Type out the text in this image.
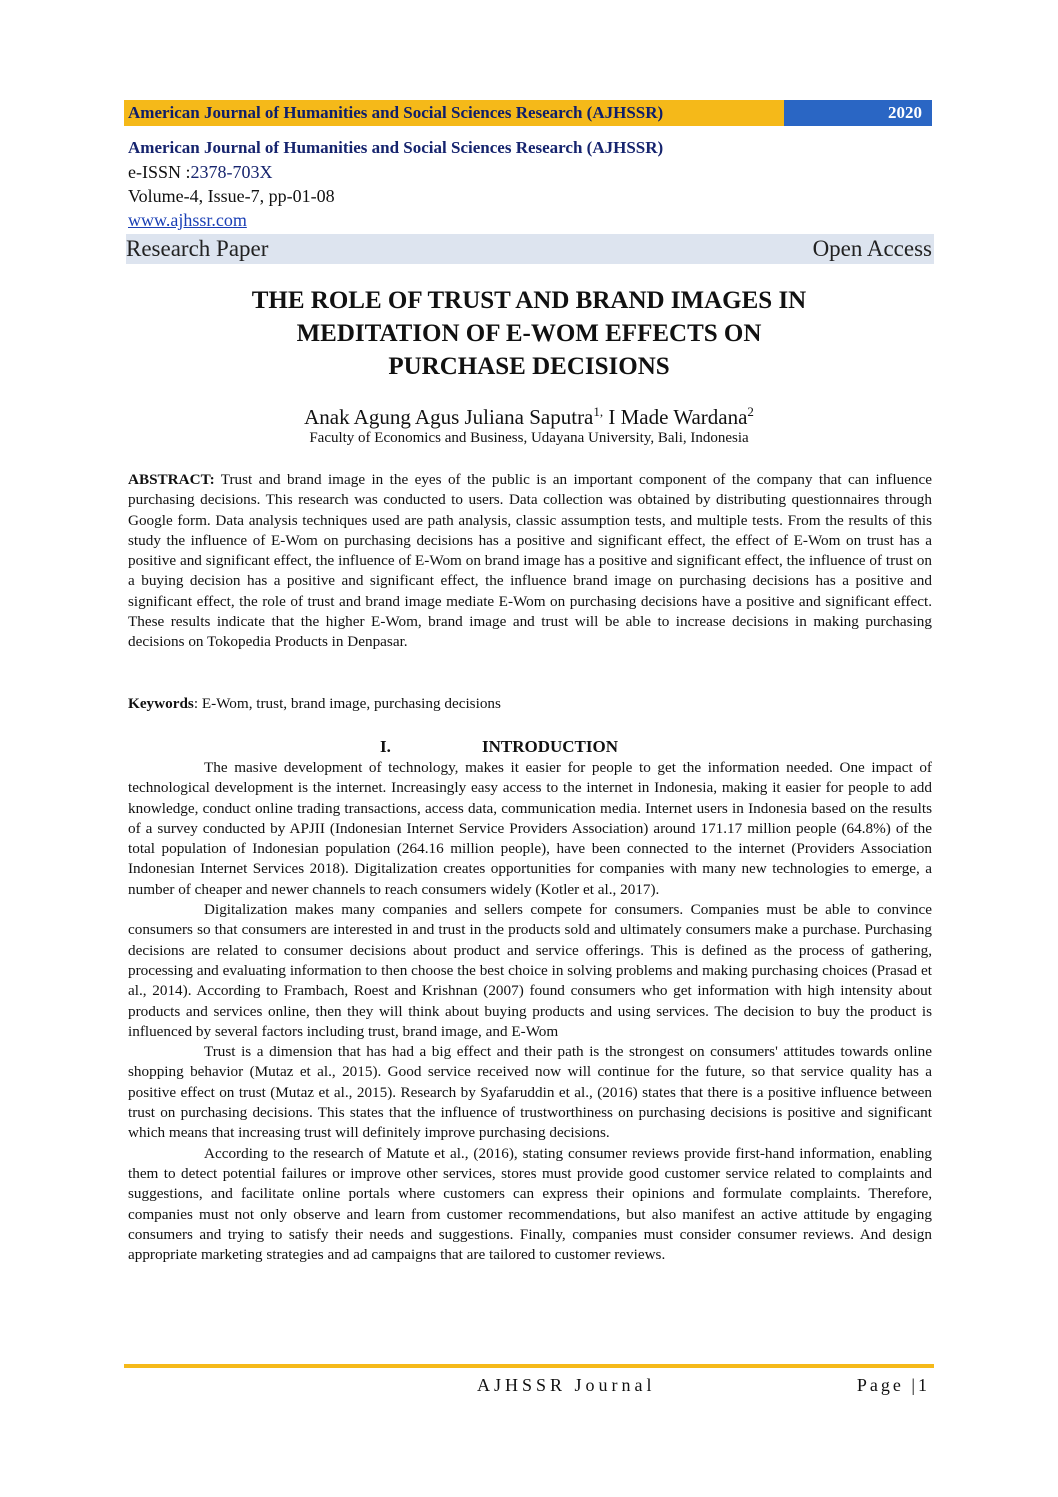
American Journal of Humanities and Social Sciences Research (AJHSSR)	2020
American Journal of Humanities and Social Sciences Research (AJHSSR)
e-ISSN :2378-703X
Volume-4, Issue-7, pp-01-08
www.ajhssr.com
Research Paper	Open Access
THE ROLE OF TRUST AND BRAND IMAGES IN
MEDITATION OF E-WOM EFFECTS ON
PURCHASE DECISIONS
Anak Agung Agus Juliana Saputra$^{1,}$ I Made Wardana$^2$
Faculty of Economics and Business, Udayana University, Bali, Indonesia
ABSTRACT: Trust and brand image in the eyes of the public is an important component of the company that can influence purchasing decisions. This research was conducted to users. Data collection was obtained by distributing questionnaires through Google form. Data analysis techniques used are path analysis, classic assumption tests, and multiple tests. From the results of this study the influence of E-Wom on purchasing decisions has a positive and significant effect, the effect of E-Wom on trust has a positive and significant effect, the influence of E-Wom on brand image has a positive and significant effect, the influence of trust on a buying decision has a positive and significant effect, the influence brand image on purchasing decisions has a positive and significant effect, the role of trust and brand image mediate E-Wom on purchasing decisions have a positive and significant effect. These results indicate that the higher E-Wom, brand image and trust will be able to increase decisions in making purchasing decisions on Tokopedia Products in Denpasar.
Keywords: E-Wom, trust, brand image, purchasing decisions
I.	INTRODUCTION

The masive development of technology, makes it easier for people to get the information needed. One impact of technological development is the internet. Increasingly easy access to the internet in Indonesia, making it easier for people to add knowledge, conduct online trading transactions, access data, communication media. Internet users in Indonesia based on the results of a survey conducted by APJII (Indonesian Internet Service Providers Association) around 171.17 million people (64.8%) of the total population of Indonesian population (264.16 million people), have been connected to the internet (Providers Association Indonesian Internet Services 2018). Digitalization creates opportunities for companies with many new technologies to emerge, a number of cheaper and newer channels to reach consumers widely (Kotler et al., 2017).

Digitalization makes many companies and sellers compete for consumers. Companies must be able to convince consumers so that consumers are interested in and trust in the products sold and ultimately consumers make a purchase. Purchasing decisions are related to consumer decisions about product and service offerings. This is defined as the process of gathering, processing and evaluating information to then choose the best choice in solving problems and making purchasing choices (Prasad et al., 2014). According to Frambach, Roest and Krishnan (2007) found consumers who get information with high intensity about products and services online, then they will think about buying products and using services. The decision to buy the product is influenced by several factors including trust, brand image, and E-Wom

Trust is a dimension that has had a big effect and their path is the strongest on consumers' attitudes towards online shopping behavior (Mutaz et al., 2015). Good service received now will continue for the future, so that service quality has a positive effect on trust (Mutaz et al., 2015). Research by Syafaruddin et al., (2016) states that there is a positive influence between trust on purchasing decisions. This states that the influence of trustworthiness on purchasing decisions is positive and significant which means that increasing trust will definitely improve purchasing decisions.

According to the research of Matute et al., (2016), stating consumer reviews provide first-hand information, enabling them to detect potential failures or improve other services, stores must provide good customer service related to complaints and suggestions, and facilitate online portals where customers can express their opinions and formulate complaints. Therefore, companies must not only observe and learn from customer recommendations, but also manifest an active attitude by engaging consumers and trying to satisfy their needs and suggestions. Finally, companies must consider consumer reviews. And design appropriate marketing strategies and ad campaigns that are tailored to customer reviews.

AJHSSR Journal	Page |1
